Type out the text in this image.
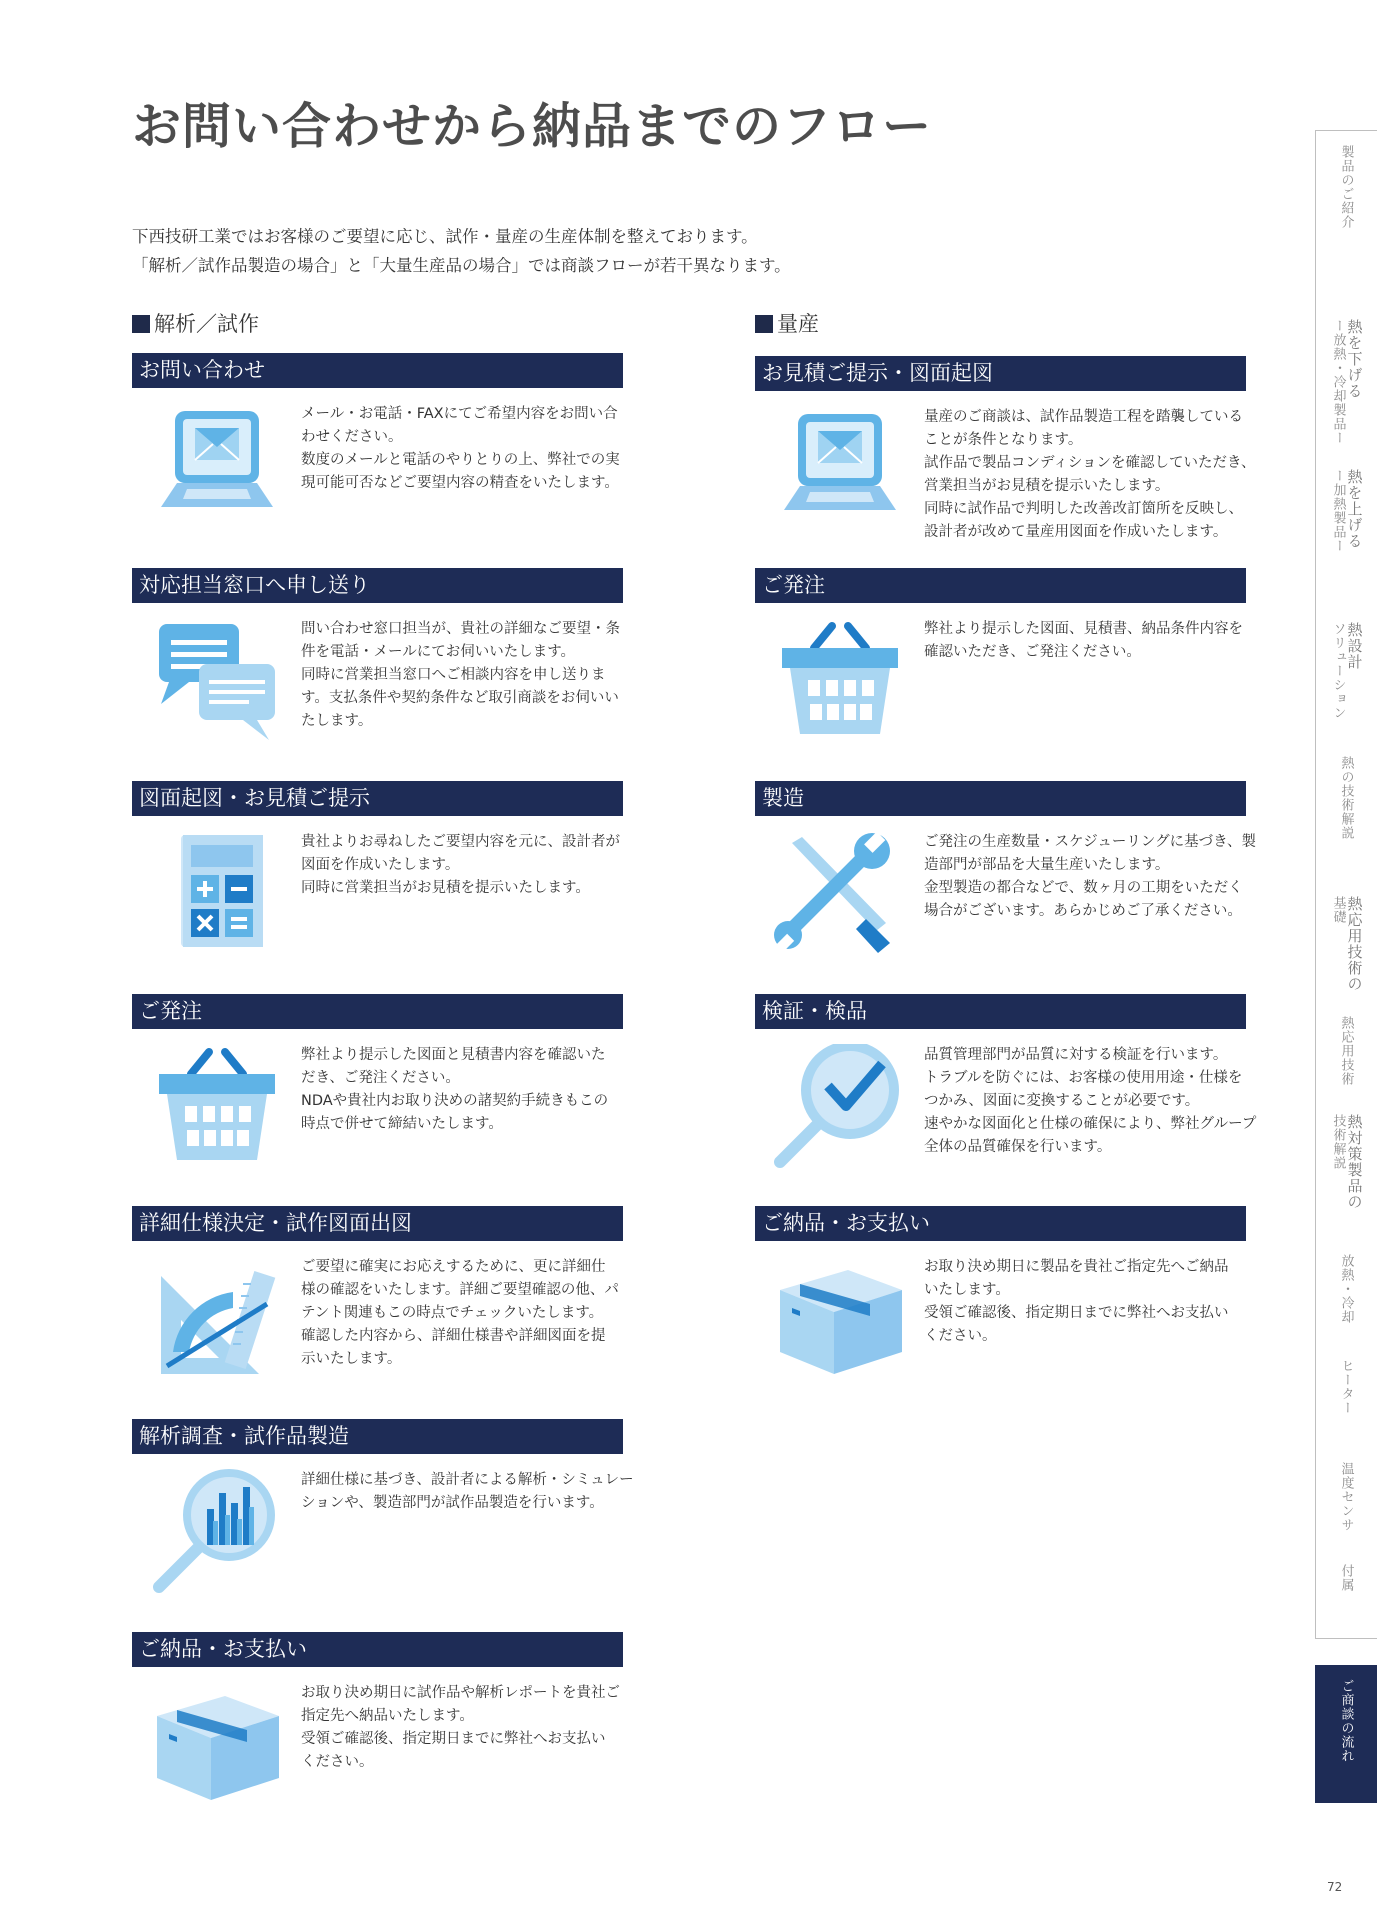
お問い合わせから納品までのフロー
下西技研工業ではお客様のご要望に応じ、試作・量産の生産体制を整えております。
「解析／試作品製造の場合」と「大量生産品の場合」では商談フローが若干異なります。
解析／試作	量産
お問い合わせ
メール・お電話・FAXにてご希望内容をお問い合
わせください。
数度のメールと電話のやりとりの上、弊社での実
現可能可否などご要望内容の精査をいたします。
対応担当窓口へ申し送り
問い合わせ窓口担当が、貴社の詳細なご要望・条
件を電話・メールにてお伺いいたします。
同時に営業担当窓口へご相談内容を申し送りま
す。支払条件や契約条件など取引商談をお伺いい
たします。
図面起図・お見積ご提示
貴社よりお尋ねしたご要望内容を元に、設計者が
図面を作成いたします。
同時に営業担当がお見積を提示いたします。
ご発注
弊社より提示した図面と見積書内容を確認いた
だき、ご発注ください。
NDAや貴社内お取り決めの諸契約手続きもこの
時点で併せて締結いたします。
詳細仕様決定・試作図面出図
ご要望に確実にお応えするために、更に詳細仕
様の確認をいたします。詳細ご要望確認の他、パ
テント関連もこの時点でチェックいたします。
確認した内容から、詳細仕様書や詳細図面を提
示いたします。
解析調査・試作品製造
詳細仕様に基づき、設計者による解析・シミュレー
ションや、製造部門が試作品製造を行います。
ご納品・お支払い
お取り決め期日に試作品や解析レポートを貴社ご
指定先へ納品いたします。
受領ご確認後、指定期日までに弊社へお支払い
ください。
お見積ご提示・図面起図
量産のご商談は、試作品製造工程を踏襲している
ことが条件となります。
試作品で製品コンディションを確認していただき、
営業担当がお見積を提示いたします。
同時に試作品で判明した改善改訂箇所を反映し、
設計者が改めて量産用図面を作成いたします。
ご発注
弊社より提示した図面、見積書、納品条件内容を
確認いただき、ご発注ください。
製造
ご発注の生産数量・スケジューリングに基づき、製
造部門が部品を大量生産いたします。
金型製造の都合などで、数ヶ月の工期をいただく
場合がございます。あらかじめご了承ください。
検証・検品
品質管理部門が品質に対する検証を行います。
トラブルを防ぐには、お客様の使用用途・仕様を
つかみ、図面に変換することが必要です。
速やかな図面化と仕様の確保により、弊社グループ
全体の品質確保を行います。
ご納品・お支払い
お取り決め期日に製品を貴社ご指定先へご納品
いたします。
受領ご確認後、指定期日までに弊社へお支払い
ください。
製品のご紹介
熱を下げる
ー放熱・冷却製品ー
熱を上げる
ー加熱製品ー
熱設計
ソリューション
熱の技術解説
熱応用技術の
基礎
熱応用技術
熱対策製品の
技術解説
放熱・冷却
ヒーター
温度センサ
付属
ご商談の流れ
72
